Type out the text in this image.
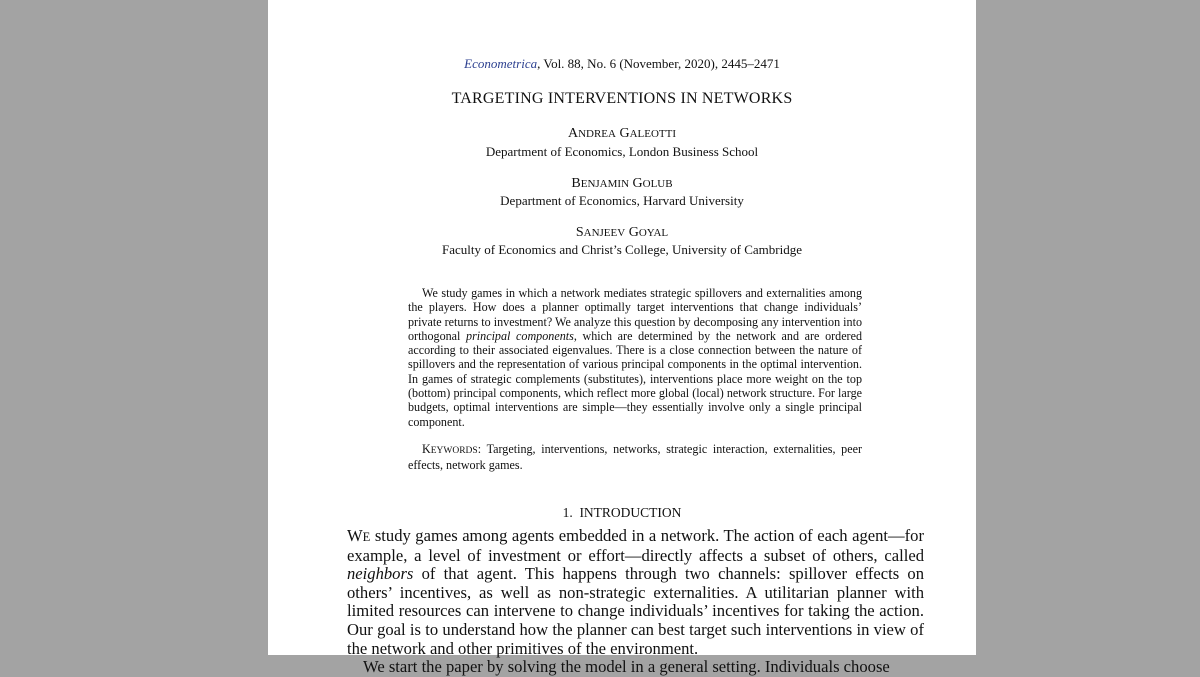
Econometrica, Vol. 88, No. 6 (November, 2020), 2445–2471
TARGETING INTERVENTIONS IN NETWORKS
ANDREA GALEOTTI
Department of Economics, London Business School
BENJAMIN GOLUB
Department of Economics, Harvard University
SANJEEV GOYAL
Faculty of Economics and Christ’s College, University of Cambridge
We study games in which a network mediates strategic spillovers and externalities among the players. How does a planner optimally target interventions that change individuals’ private returns to investment? We analyze this question by decomposing any intervention into orthogonal principal components, which are determined by the network and are ordered according to their associated eigenvalues. There is a close connection between the nature of spillovers and the representation of various principal components in the optimal intervention. In games of strategic complements (substitutes), interventions place more weight on the top (bottom) principal components, which reflect more global (local) network structure. For large budgets, optimal interventions are simple—they essentially involve only a single principal component.
KEYWORDS: Targeting, interventions, networks, strategic interaction, externalities, peer effects, network games.
1. INTRODUCTION

WE study games among agents embedded in a network. The action of each agent—for example, a level of investment or effort—directly affects a subset of others, called neighbors of that agent. This happens through two channels: spillover effects on others’ incentives, as well as non-strategic externalities. A utilitarian planner with limited resources can intervene to change individuals’ incentives for taking the action. Our goal is to understand how the planner can best target such interventions in view of the network and other primitives of the environment.

We start the paper by solving the model in a general setting. Individuals choose
